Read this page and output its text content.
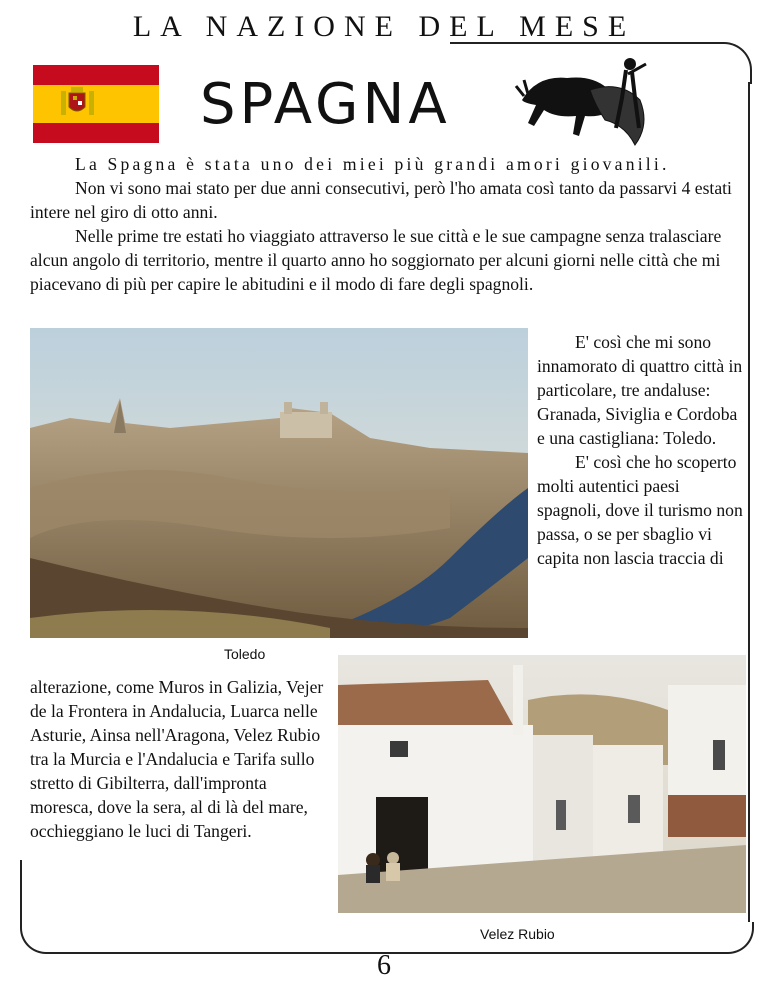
LA NAZIONE DEL MESE
SPAGNA

La Spagna è stata uno dei miei più grandi amori giovanili.

Non vi sono mai stato per due anni consecutivi, però l'ho amata così tanto da passarvi 4 estati intere nel giro di otto anni.

Nelle prime tre estati ho viaggiato attraverso le sue città e le sue campagne senza tralasciare alcun angolo di territorio, mentre il quarto anno ho soggiornato per alcuni giorni nelle città che mi piacevano di più per capire le abitudini e il modo di fare degli spagnoli.

Toledo

E' così che mi sono innamorato di quattro città in particolare, tre andaluse: Granada, Siviglia e Cordoba e una castigliana: Toledo.

E' così che ho scoperto molti autentici paesi spagnoli, dove il turismo non passa, o se per sbaglio vi capita non lascia traccia di

alterazione, come Muros in Galizia, Vejer de la Frontera in Andalucia, Luarca nelle Asturie, Ainsa nell'Aragona, Velez Rubio tra la Murcia e l'Andalucia e Tarifa sullo stretto di Gibilterra, dall'impronta moresca, dove la sera, al di là del mare, occhieggiano le luci di Tangeri.

Velez Rubio
6
